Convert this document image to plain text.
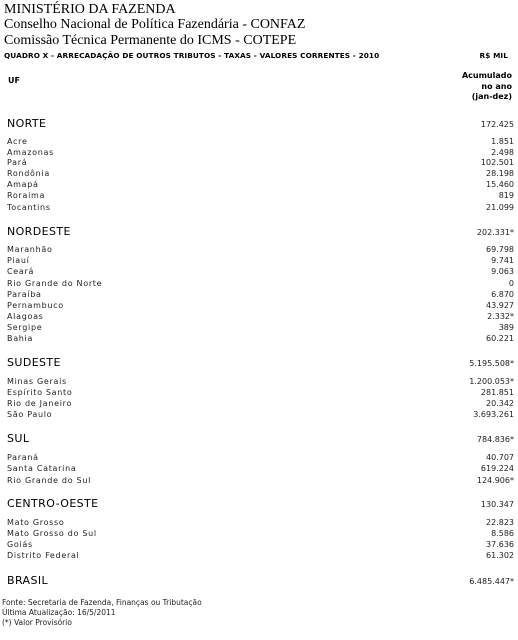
MINISTÉRIO DA FAZENDA
Conselho Nacional de Política Fazendária - CONFAZ
Comissão Técnica Permanente do ICMS - COTEPE
QUADRO X - ARRECADAÇÃO DE OUTROS TRIBUTOS - TAXAS - VALORES CORRENTES - 2010	R$ MIL
UF
Acumulado
no ano
(jan-dez)
NORTE	172.425
Acre	1.851
Amazonas	2.498
Pará	102.501
Rondônia	28.198
Amapá	15.460
Roraima	819
Tocantins	21.099
NORDESTE	202.331*
Maranhão	69.798
Piauí	9.741
Ceará	9.063
Rio Grande do Norte	0
Paraíba	6.870
Pernambuco	43.927
Alagoas	2.332*
Sergipe	389
Bahia	60.221
SUDESTE	5.195.508*
Minas Gerais	1.200.053*
Espírito Santo	281.851
Rio de Janeiro	20.342
São Paulo	3.693.261
SUL	784.836*
Paraná	40.707
Santa Catarina	619.224
Rio Grande do Sul	124.906*
CENTRO-OESTE	130.347
Mato Grosso	22.823
Mato Grosso do Sul	8.586
Goiás	37.636
Distrito Federal	61.302
BRASIL	6.485.447*
Fonte: Secretaria de Fazenda, Finanças ou Tributação
Última Atualização: 16/5/2011
(*) Valor Provisório
